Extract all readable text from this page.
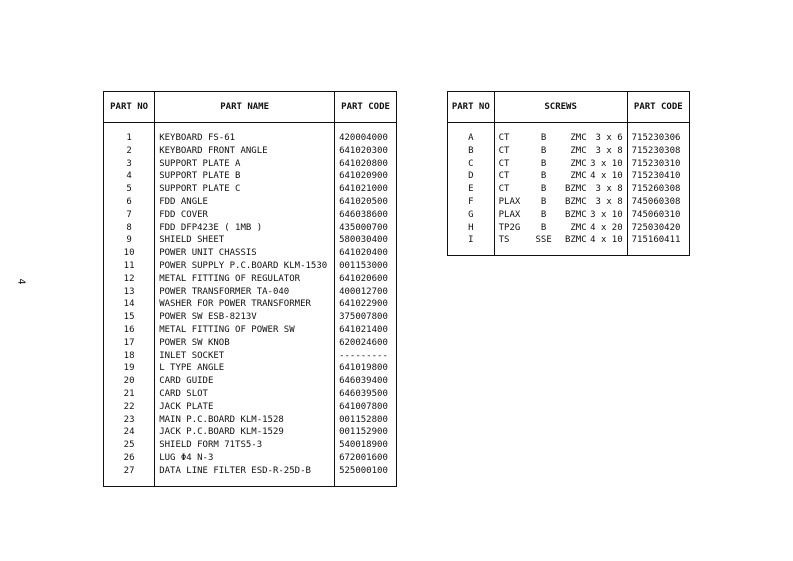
4
PART NO	PART NAME	PART CODE
1	KEYBOARD FS-61	420004000
2	KEYBOARD FRONT ANGLE	641020300
3	SUPPORT PLATE A	641020800
4	SUPPORT PLATE B	641020900
5	SUPPORT PLATE C	641021000
6	FDD ANGLE	641020500
7	FDD COVER	646038600
8	FDD DFP423E ( 1MB )	435000700
9	SHIELD SHEET	580030400
10	POWER UNIT CHASSIS	641020400
11	POWER SUPPLY P.C.BOARD KLM-1530	001153000
12	METAL FITTING OF REGULATOR	641020600
13	POWER TRANSFORMER TA-040	400012700
14	WASHER FOR POWER TRANSFORMER	641022900
15	POWER SW ESB-8213V	375007800
16	METAL FITTING OF POWER SW	641021400
17	POWER SW KNOB	620024600
18	INLET SOCKET	---------
19	L TYPE ANGLE	641019800
20	CARD GUIDE	646039400
21	CARD SLOT	646039500
22	JACK PLATE	641007800
23	MAIN P.C.BOARD KLM-1528	001152800
24	JACK P.C.BOARD KLM-1529	001152900
25	SHIELD FORM 71TS5-3	540018900
26	LUG Φ4 N-3	672001600
27	DATA LINE FILTER ESD-R-25D-B	525000100
PART NO	SCREWS	PART CODE
A	CT B ZMC 3 x 6	715230306
B	CT B ZMC 3 x 8	715230308
C	CT B ZMC 3 x 10	715230310
D	CT B ZMC 4 x 10	715230410
E	CT B BZMC 3 x 8	715260308
F	PLAX B BZMC 3 x 8	745060308
G	PLAX B BZMC 3 x 10	745060310
H	TP2G B ZMC 4 x 20	725030420
I	TS SSE BZMC 4 x 10	715160411
